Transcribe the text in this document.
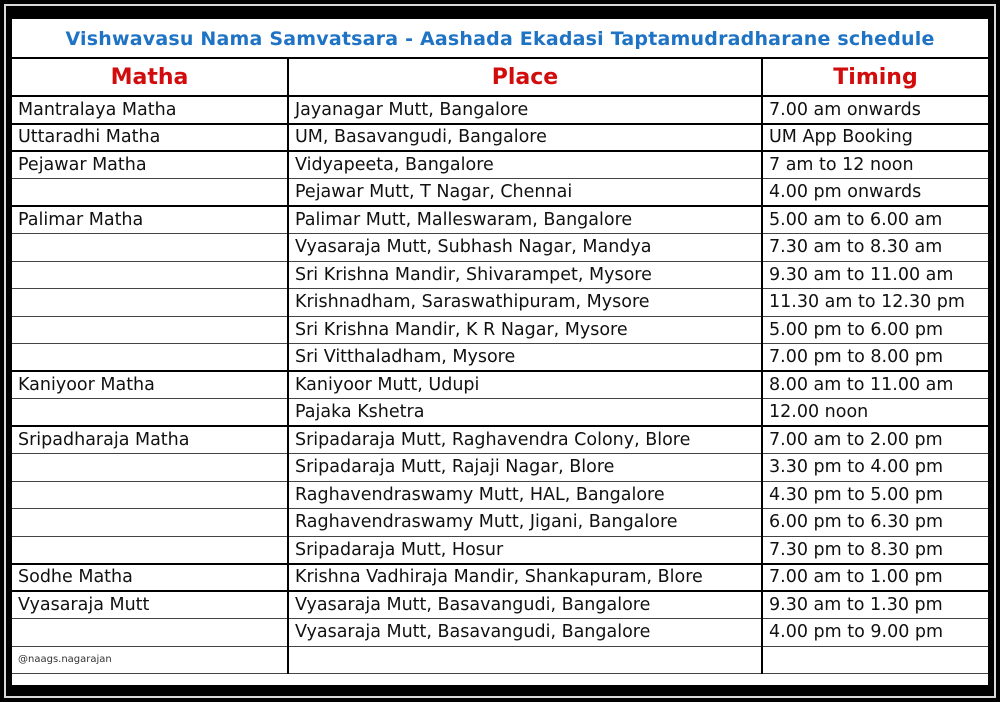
Vishwavasu Nama Samvatsara - Aashada Ekadasi Taptamudradharane schedule
Matha	Place	Timing
Mantralaya Matha	Jayanagar Mutt, Bangalore	7.00 am onwards
Uttaradhi Matha	UM, Basavangudi, Bangalore	UM App Booking
Pejawar Matha	Vidyapeeta, Bangalore	7 am to 12 noon
	Pejawar Mutt, T Nagar, Chennai	4.00 pm onwards
Palimar Matha	Palimar Mutt, Malleswaram, Bangalore	5.00 am to 6.00 am
	Vyasaraja Mutt, Subhash Nagar, Mandya	7.30 am to 8.30 am
	Sri Krishna Mandir, Shivarampet, Mysore	9.30 am to 11.00 am
	Krishnadham, Saraswathipuram, Mysore	11.30 am to 12.30 pm
	Sri Krishna Mandir, K R Nagar, Mysore	5.00 pm to 6.00 pm
	Sri Vitthaladham, Mysore	7.00 pm to 8.00 pm
Kaniyoor Matha	Kaniyoor Mutt, Udupi	8.00 am to 11.00 am
	Pajaka Kshetra	12.00 noon
Sripadharaja Matha	Sripadaraja Mutt, Raghavendra Colony, Blore	7.00 am to 2.00 pm
	Sripadaraja Mutt, Rajaji Nagar, Blore	3.30 pm to 4.00 pm
	Raghavendraswamy Mutt, HAL, Bangalore	4.30 pm to 5.00 pm
	Raghavendraswamy Mutt, Jigani, Bangalore	6.00 pm to 6.30 pm
	Sripadaraja Mutt, Hosur	7.30 pm to 8.30 pm
Sodhe Matha	Krishna Vadhiraja Mandir, Shankapuram, Blore	7.00 am to 1.00 pm
Vyasaraja Mutt	Vyasaraja Mutt, Basavangudi, Bangalore	9.30 am to 1.30 pm
	Vyasaraja Mutt, Basavangudi, Bangalore	4.00 pm to 9.00 pm
@naags.nagarajan		
